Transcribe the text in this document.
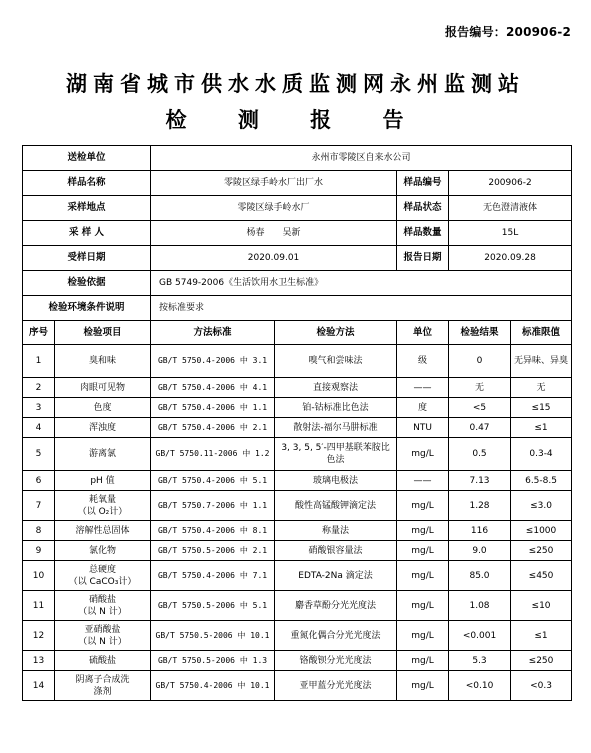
报告编号：200906-2
湖南省城市供水水质监测网永州监测站
检 测 报 告
送检单位		永州市零陵区自来水公司				
样品名称		零陵区绿手岭水厂出厂水		样品编号	200906-2	
采样地点		零陵区绿手岭水厂		样品状态	无色澄清液体	
采 样 人		杨春　　吴新		样品数量	15L	
受样日期		2020.09.01		报告日期	2020.09.28	
检验依据		GB 5749-2006《生活饮用水卫生标准》				
检验环境条件说明		按标准要求				
序号	检验项目	方法标准	检验方法	单位	检验结果	标准限值
1	臭和味	GB/T 5750.4-2006 中 3.1	嗅气和尝味法	级	0	无异味、异臭
2	肉眼可见物	GB/T 5750.4-2006 中 4.1	直接观察法	——	无	无
3	色度	GB/T 5750.4-2006 中 1.1	铂-钴标准比色法	度	<5	≤15
4	浑浊度	GB/T 5750.4-2006 中 2.1	散射法-福尔马肼标准	NTU	0.47	≤1
5	游离氯	GB/T 5750.11-2006 中 1.2	3, 3, 5, 5′-四甲基联苯胺比色法	mg/L	0.5	0.3-4
6	pH 值	GB/T 5750.4-2006 中 5.1	玻璃电极法	——	7.13	6.5-8.5
7	耗氧量
（以 O₂计）	GB/T 5750.7-2006 中 1.1	酸性高锰酸钾滴定法	mg/L	1.28	≤3.0
8	溶解性总固体	GB/T 5750.4-2006 中 8.1	称量法	mg/L	116	≤1000
9	氯化物	GB/T 5750.5-2006 中 2.1	硝酸银容量法	mg/L	9.0	≤250
10	总硬度
（以 CaCO₃计）	GB/T 5750.4-2006 中 7.1	EDTA-2Na 滴定法	mg/L	85.0	≤450
11	硝酸盐
（以 N 计）	GB/T 5750.5-2006 中 5.1	麝香草酚分光光度法	mg/L	1.08	≤10
12	亚硝酸盐
（以 N 计）	GB/T 5750.5-2006 中 10.1	重氮化偶合分光光度法	mg/L	<0.001	≤1
13	硫酸盐	GB/T 5750.5-2006 中 1.3	铬酸钡分光光度法	mg/L	5.3	≤250
14	阴离子合成洗
涤剂	GB/T 5750.4-2006 中 10.1	亚甲蓝分光光度法	mg/L	<0.10	<0.3
